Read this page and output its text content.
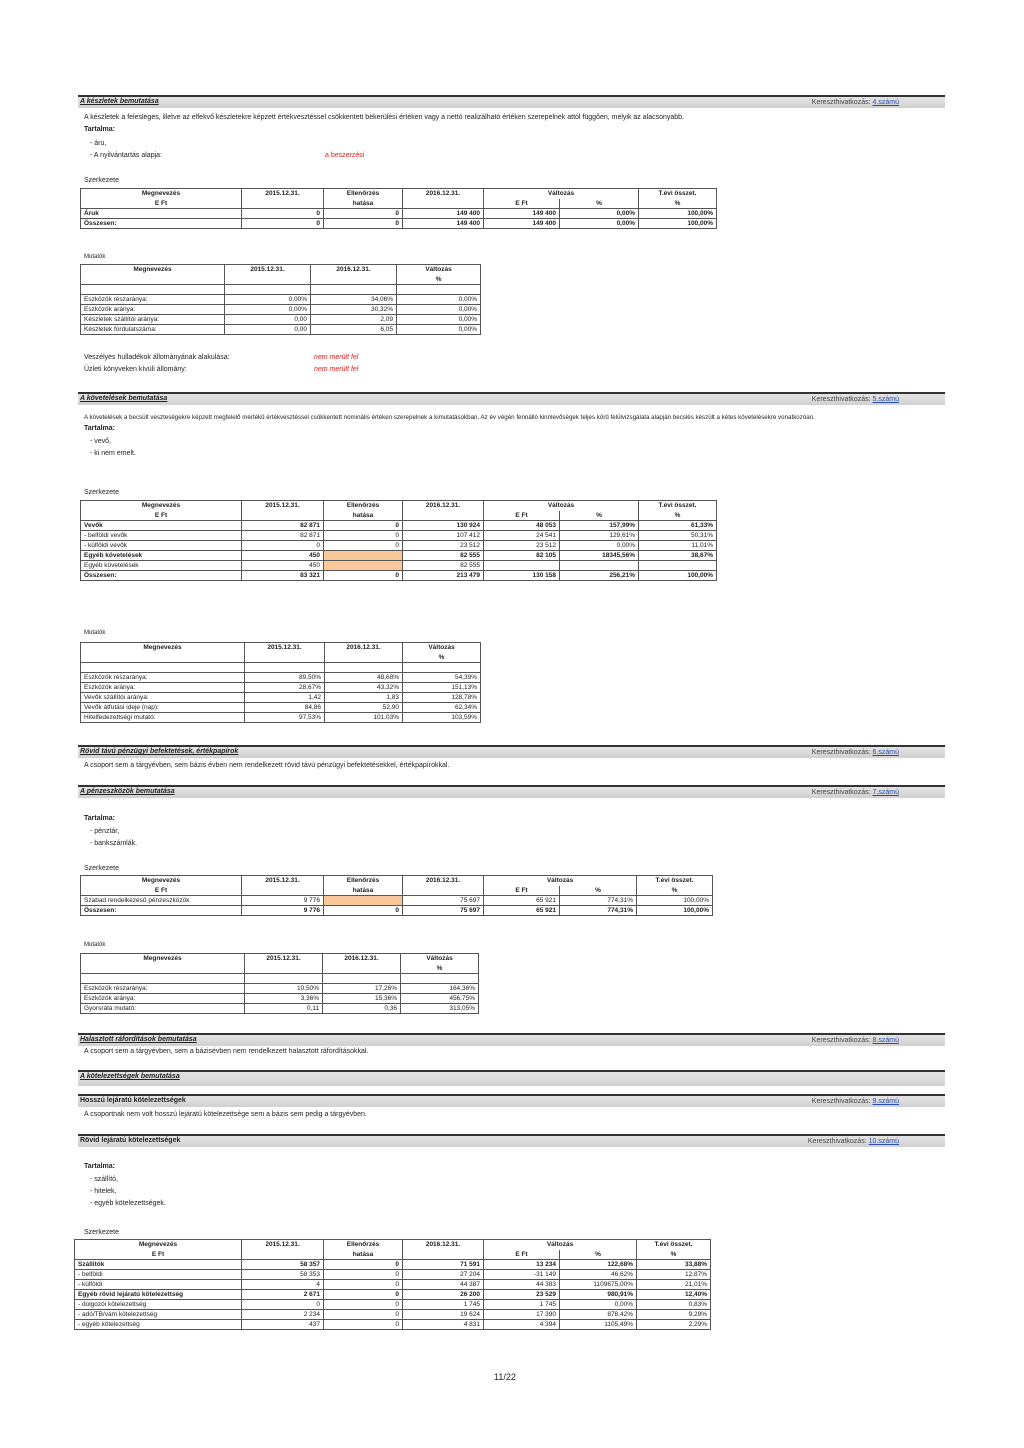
A készletek bemutatása	Kereszthivatkozás: 4.számú
A készletek a felesleges, illetve az elfekvő készletekre képzett értékvesztéssel csökkentett bekerülési értéken vagy a nettó realizálható értéken szerepelnek attól függően, melyik az alacsonyabb.
Tartalma:
- áru,
- A nyilvántartás alapja:	a beszerzési
Szerkezete
Megnevezés	2015.12.31.	Ellenőrzés	2016.12.31.	Változás		T.évi összet.
E Ft		hatása		E Ft	%	%
Áruk	0	0	149 400	149 400	0,00%	100,00%
Összesen:	0	0	149 400	149 400	0,00%	100,00%
Mutatók
Megnevezés	2015.12.31.	2016.12.31.	Változás
			%

Eszközök részaránya:	0,00%	34,06%	0,00%
Eszközök aránya:	0,00%	30,32%	0,00%
Készletek szállítói aránya:	0,00	2,09	0,00%
Készletek fordulatszáma:	0,00	6,05	0,00%
Veszélyes hulladékok állományának alakulása:	nem merült fel
Üzleti könyveken kívüli állomány:	nem merült fel
A követelések bemutatása	Kereszthivatkozás: 5.számú
A követelések a becsült veszteségekre képzett megfelelő mértékű értékvesztéssel csökkentett nominális értéken szerepelnek a kimutatásokban. Az év végén fennálló kinnlevőségek teljes körű felülvizsgálata alapján becslés készült a kétes követelésekre vonatkozóan.
Tartalma:
- vevő,
- ki nem emelt.
Szerkezete
Megnevezés	2015.12.31.	Ellenőrzés	2016.12.31.	Változás		T.évi összet.
E Ft		hatása		E Ft	%	%
Vevők	82 871	0	130 924	48 053	157,99%	61,33%
- belföldi vevők	82 871	0	107 412	24 541	129,61%	50,31%
- külföldi vevők	0	0	23 512	23 512	0,00%	11,01%
Egyéb követelések	450		82 555	82 105	18345,56%	38,67%
Egyéb követelések	450		82 555			
Összesen:	83 321	0	213 479	130 158	256,21%	100,00%
Mutatók
Megnevezés	2015.12.31.	2016.12.31.	Változás
			%

Eszközök részaránya:	89,50%	48,68%	54,39%
Eszközök aránya:	28,67%	43,32%	151,13%
Vevők szállítói aránya:	1,42	1,83	128,78%
Vevők átfutási ideje (nap):	84,86	52,90	62,34%
Hitelfedezettségi mutató:	97,53%	101,03%	103,59%
Rövid távú pénzügyi befektetések, értékpapírok	Kereszthivatkozás: 6.számú
A csoport sem a tárgyévben, sem bázis évben nem rendelkezett rövid távú pénzügyi befektetésekkel, értékpapírokkal.
A pénzeszközök bemutatása	Kereszthivatkozás: 7.számú
Tartalma:
- pénztár,
- bankszámlák.
Szerkezete
Megnevezés	2015.12.31.	Ellenőrzés	2016.12.31.	Változás		T.évi összet.
E Ft		hatása		E Ft	%	%
Szabad rendelkezésű pénzeszközök	9 776		75 697	65 921	774,31%	100,00%
Összesen:	9 776	0	75 697	65 921	774,31%	100,00%
Mutatók
Megnevezés	2015.12.31.	2016.12.31.	Változás
			%

Eszközök részaránya:	10,50%	17,26%	164,36%
Eszközök aránya:	3,36%	15,36%	456,75%
Gyorsráta mutató:	0,11	0,36	313,05%
Halasztott ráfordítások bemutatása	Kereszthivatkozás: 8.számú
A csoport sem a tárgyévben, sem a bázisévben nem rendelkezett halasztott ráfordításokkal.
A kötelezettségek bemutatása
Hosszú lejáratú kötelezettségek	Kereszthivatkozás: 9.számú
A csoportnak nem volt hosszú lejáratú kötelezettsége sem a bázis sem pedig a tárgyévben.
Rövid lejáratú kötelezettségek	Kereszthivatkozás: 10.számú
Tartalma:
- szállító,
- hitelek,
- egyéb kötelezettségek.
Szerkezete
Megnevezés	2015.12.31.	Ellenőrzés	2016.12.31.	Változás		T.évi összet.
E Ft		hatása		E Ft	%	%
Szállítók	58 357	0	71 591	13 234	122,68%	33,88%
- belföldi	58 353	0	27 204	-31 149	46,62%	12,87%
- külföldi	4	0	44 387	44 383	1109675,00%	21,01%
Egyéb rövid lejáratú kötelezettség	2 671	0	26 200	23 529	980,91%	12,40%
- dolgozói kötelezettség	0	0	1 745	1 745	0,00%	0,83%
- adó/TB/vám kötelezettség	2 234	0	19 624	17 390	878,42%	9,29%
- egyéb kötelezettség	437	0	4 831	4 394	1105,49%	2,29%
11/22
